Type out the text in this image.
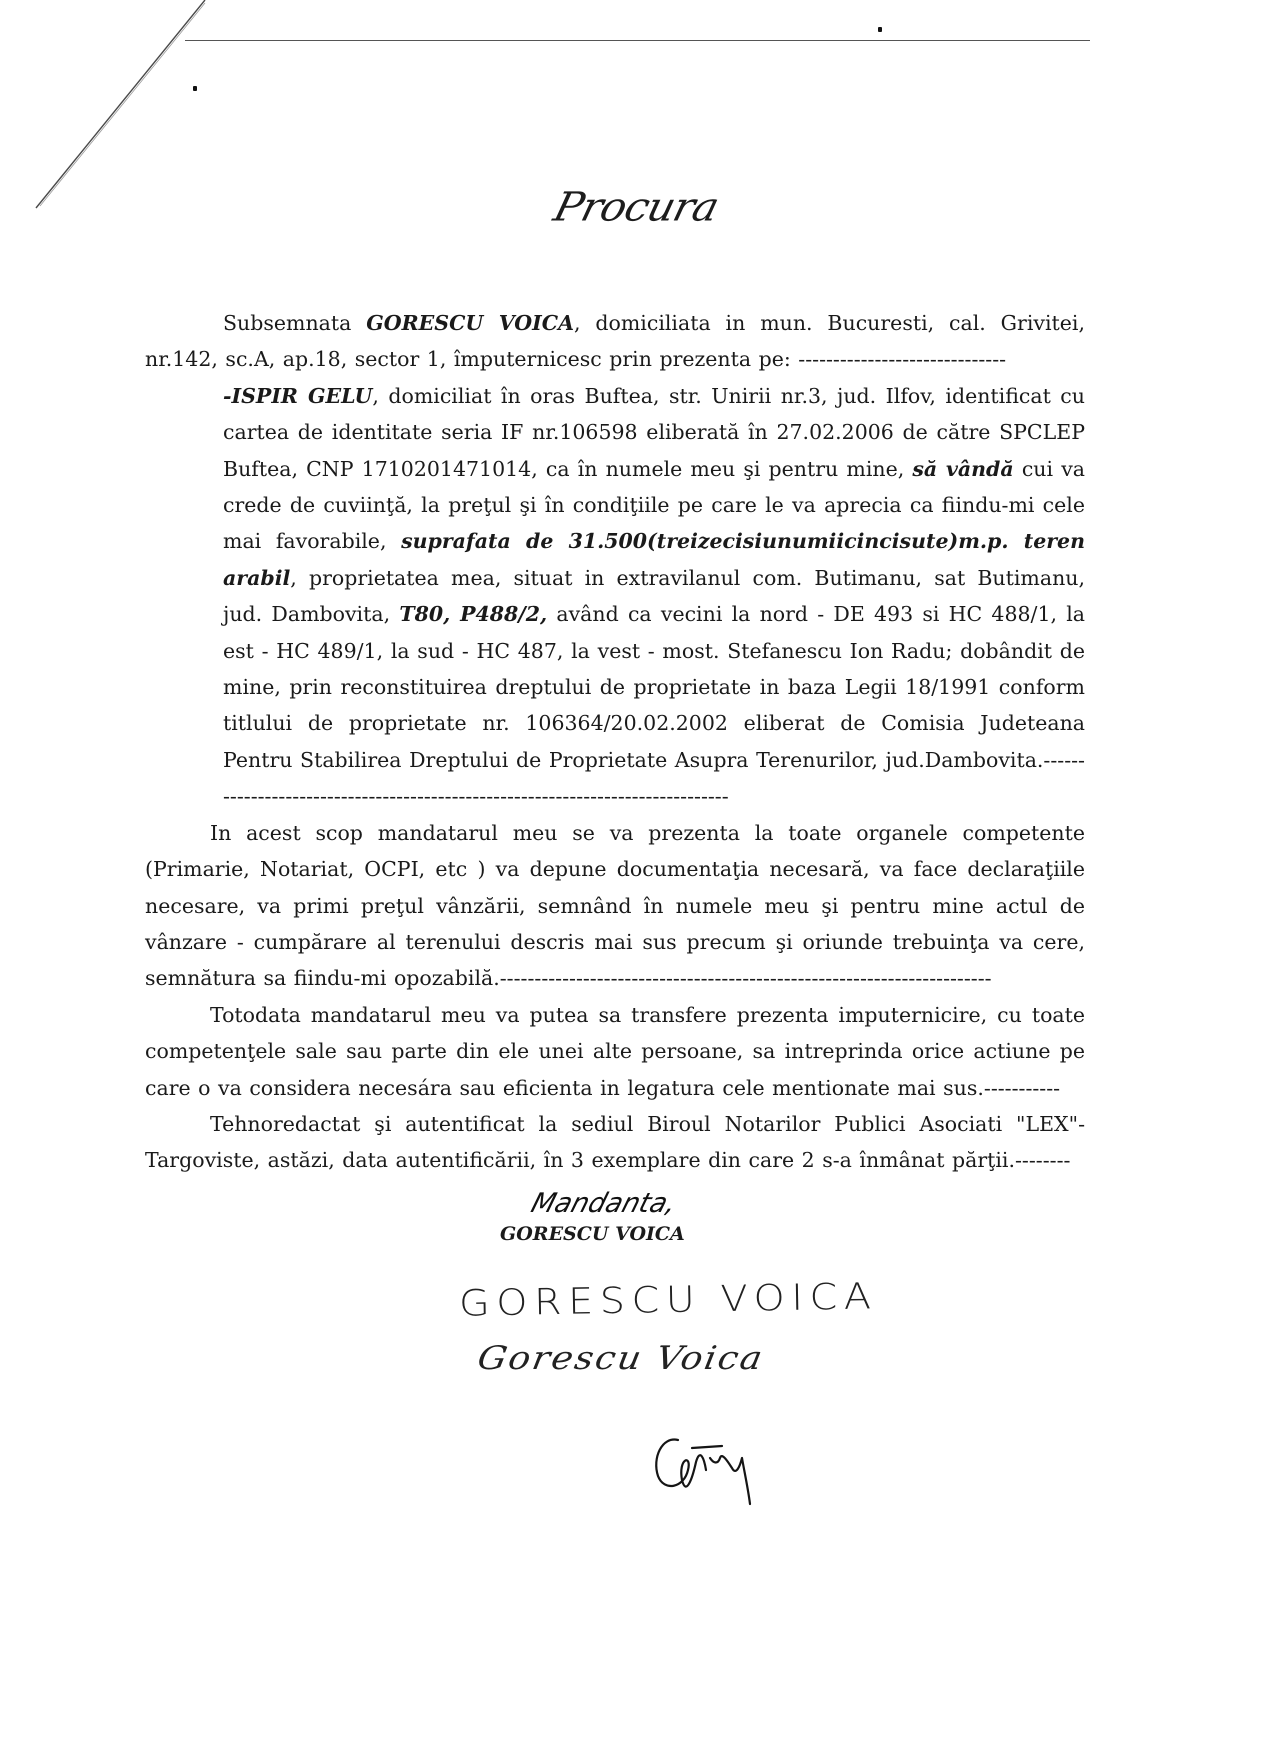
Procura

Subsemnata GORESCU VOICA, domiciliata in mun. Bucuresti, cal. Grivitei, nr.142, sc.A, ap.18, sector 1, împuternicesc prin prezenta pe: ------------------------------

-ISPIR GELU, domiciliat în oras Buftea, str. Unirii nr.3, jud. Ilfov, identificat cu cartea de identitate seria IF nr.106598 eliberată în 27.02.2006 de către SPCLEP Buftea, CNP 1710201471014, ca în numele meu şi pentru mine, să vândă cui va crede de cuviinţă, la preţul şi în condiţiile pe care le va aprecia ca fiindu-mi cele mai favorabile, suprafata de 31.500(treizecisiunumiicincisute)m.p. teren arabil, proprietatea mea, situat in extravilanul com. Butimanu, sat Butimanu, jud. Dambovita, T80, P488/2, având ca vecini la nord - DE 493 si HC 488/1, la est - HC 489/1, la sud - HC 487, la vest - most. Stefanescu Ion Radu; dobândit de mine, prin reconstituirea dreptului de proprietate in baza Legii 18/1991 conform titlului de proprietate nr. 106364/20.02.2002 eliberat de Comisia Judeteana Pentru Stabilirea Dreptului de Proprietate Asupra Terenurilor, jud.Dambovita.-------------------------------------------------------------------------------

In acest scop mandatarul meu se va prezenta la toate organele competente (Primarie, Notariat, OCPI, etc ) va depune documentaţia necesară, va face declaraţiile necesare, va primi preţul vânzării, semnând în numele meu şi pentru mine actul de vânzare - cumpărare al terenului descris mai sus precum şi oriunde trebuinţa va cere, semnătura sa fiindu-mi opozabilă.-----------------------------------------------------------------------

Totodata mandatarul meu va putea sa transfere prezenta imputernicire, cu toate competenţele sale sau parte din ele unei alte persoane, sa intreprinda orice actiune pe care o va considera necesára sau eficienta in legatura cele mentionate mai sus.-----------

Tehnoredactat şi autentificat la sediul Biroul Notarilor Publici Asociati "LEX"- Targoviste, astăzi, data autentificării, în 3 exemplare din care 2 s-a înmânat părţii.--------

Mandanta,
GORESCU VOICA
GORESCU VOICA
Gorescu Voica
